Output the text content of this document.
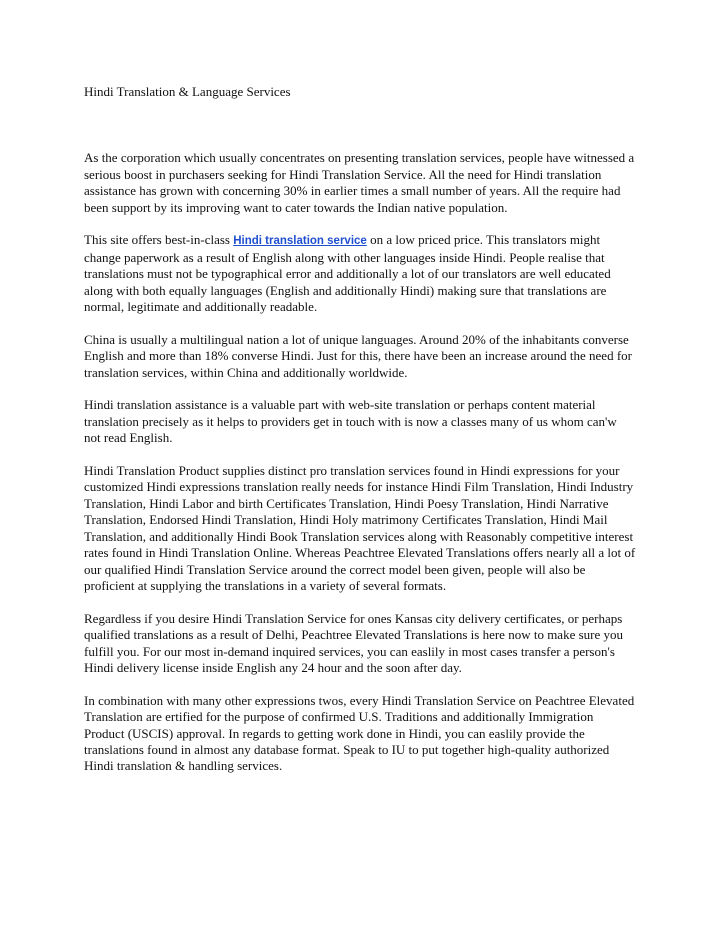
Hindi Translation & Language Services

As the corporation which usually concentrates on presenting translation services, people have witnessed a serious boost in purchasers seeking for Hindi Translation Service. All the need for Hindi translation assistance has grown with concerning 30% in earlier times a small number of years. All the require had been support by its improving want to cater towards the Indian native population.

This site offers best-in-class Hindi translation service on a low priced price. This translators might change paperwork as a result of English along with other languages inside Hindi. People realise that translations must not be typographical error and additionally a lot of our translators are well educated along with both equally languages (English and additionally Hindi) making sure that translations are normal, legitimate and additionally readable.

China is usually a multilingual nation a lot of unique languages. Around 20% of the inhabitants converse English and more than 18% converse Hindi. Just for this, there have been an increase around the need for translation services, within China and additionally worldwide.

Hindi translation assistance is a valuable part with web-site translation or perhaps content material translation precisely as it helps to providers get in touch with is now a classes many of us whom can'w not read English.

Hindi Translation Product supplies distinct pro translation services found in Hindi expressions for your customized Hindi expressions translation really needs for instance Hindi Film Translation, Hindi Industry Translation, Hindi Labor and birth Certificates Translation, Hindi Poesy Translation, Hindi Narrative Translation, Endorsed Hindi Translation, Hindi Holy matrimony Certificates Translation, Hindi Mail Translation, and additionally Hindi Book Translation services along with Reasonably competitive interest rates found in Hindi Translation Online. Whereas Peachtree Elevated Translations offers nearly all a lot of our qualified Hindi Translation Service around the correct model been given, people will also be proficient at supplying the translations in a variety of several formats.

Regardless if you desire Hindi Translation Service for ones Kansas city delivery certificates, or perhaps qualified translations as a result of Delhi, Peachtree Elevated Translations is here now to make sure you fulfill you. For our most in-demand inquired services, you can easlily in most cases transfer a person's Hindi delivery license inside English any 24 hour and the soon after day.

In combination with many other expressions twos, every Hindi Translation Service on Peachtree Elevated Translation are ertified for the purpose of confirmed U.S. Traditions and additionally Immigration Product (USCIS) approval. In regards to getting work done in Hindi, you can easlily provide the translations found in almost any database format. Speak to IU to put together high-quality authorized Hindi translation & handling services.
